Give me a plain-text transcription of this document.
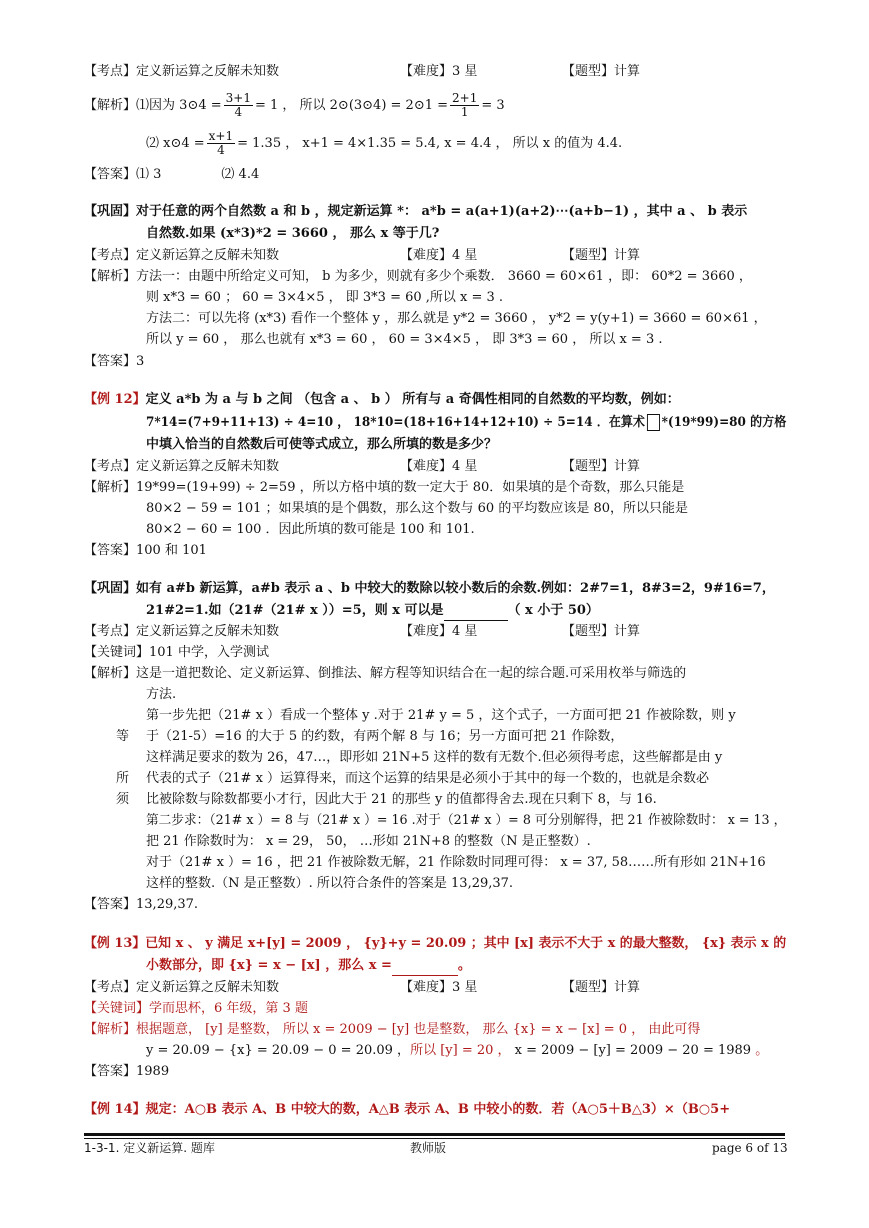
【考点】定义新运算之反解未知数	【难度】3 星	【题型】计算
【解析】⑴因为 3⊙4 = $\frac{3+1}{4} = 1$ ， 所以 2⊙(3⊙4) = 2⊙1 = $\frac{2+1}{1} = 3$
⑵ x⊙4 = $\frac{x+1}{4} = 1.35$ ， x+1 = 4×1.35 = 5.4, x = 4.4 ， 所以 x 的值为 4.4.
【答案】⑴ 3	⑵ 4.4
【巩固】对于任意的两个自然数 a 和 b ，规定新运算 *： a*b = a(a+1)(a+2)⋯(a+b−1) ，其中 a 、 b 表示
自然数.如果 (x*3)*2 = 3660 ， 那么 x 等于几?
【考点】定义新运算之反解未知数	【难度】4 星	【题型】计算
【解析】方法一：由题中所给定义可知， b 为多少，则就有多少个乘数． 3660 = 60×61 ，即： 60*2 = 3660 ，
则 x*3 = 60 ； 60 = 3×4×5 ， 即 3*3 = 60 ,所以 x = 3 .
方法二：可以先将 (x*3) 看作一个整体 y ，那么就是 y*2 = 3660 ， y*2 = y(y+1) = 3660 = 60×61 ，
所以 y = 60 ， 那么也就有 x*3 = 60 ， 60 = 3×4×5 ， 即 3*3 = 60 ， 所以 x = 3 .
【答案】3
【例 12】定义 a*b 为 a 与 b 之间 （包含 a 、 b ） 所有与 a 奇偶性相同的自然数的平均数，例如：
7*14=(7+9+11+13) ÷ 4=10 ， 18*10=(18+16+14+12+10) ÷ 5=14 ．在算术 *(19*99)=80 的方格
中填入恰当的自然数后可使等式成立，那么所填的数是多少？
【考点】定义新运算之反解未知数	【难度】4 星	【题型】计算
【解析】19*99=(19+99) ÷ 2=59 ，所以方格中填的数一定大于 80．如果填的是个奇数，那么只能是
80×2 − 59 = 101 ；如果填的是个偶数，那么这个数与 60 的平均数应该是 80，所以只能是
80×2 − 60 = 100 ．因此所填的数可能是 100 和 101.
【答案】100 和 101
【巩固】如有 a#b 新运算，a#b 表示 a 、b 中较大的数除以较小数后的余数.例如：2#7=1，8#3=2，9#16=7，
21#2=1.如（21#（21# x ））=5，则 x 可以是	（ x 小于 50）
【考点】定义新运算之反解未知数	【难度】4 星	【题型】计算
【关键词】101 中学，入学测试
【解析】这是一道把数论、定义新运算、倒推法、解方程等知识结合在一起的综合题.可采用枚举与筛选的
方法.
第一步先把（21# x ）看成一个整体 y .对于 21# y = 5 ，这个式子，一方面可把 21 作被除数，则 y
等 于（21-5）=16 的大于 5 的约数，有两个解 8 与 16；另一方面可把 21 作除数，
这样满足要求的数为 26，47…，即形如 21N+5 这样的数有无数个.但必须得考虑，这些解都是由 y
所 代表的式子（21# x ）运算得来，而这个运算的结果是必须小于其中的每一个数的，也就是余数必
须 比被除数与除数都要小才行，因此大于 21 的那些 y 的值都得舍去.现在只剩下 8，与 16.
第二步求：（21# x ）= 8 与（21# x ）= 16 .对于（21# x ）= 8 可分别解得，把 21 作被除数时： x = 13 ，
把 21 作除数时为： x = 29， 50， …形如 21N+8 的整数（N 是正整数）.
对于（21# x ）= 16 ，把 21 作被除数无解，21 作除数时同理可得： x = 37, 58……所有形如 21N+16
这样的整数.（N 是正整数）. 所以符合条件的答案是 13,29,37.
【答案】13,29,37.
【例 13】已知 x 、 y 满足 x+[y] = 2009 ， {y}+y = 20.09 ；其中 [x] 表示不大于 x 的最大整数， {x} 表示 x 的
小数部分，即 {x} = x − [x] ，那么 x =	。
【考点】定义新运算之反解未知数	【难度】3 星	【题型】计算
【关键词】学而思杯，6 年级，第 3 题
【解析】根据题意， [y] 是整数， 所以 x = 2009 − [y] 也是整数， 那么 {x} = x − [x] = 0 ， 由此可得
y = 20.09 − {x} = 20.09 − 0 = 20.09 ，所以 [y] = 20 ， x = 2009 − [y] = 2009 − 20 = 1989 。
【答案】1989
【例 14】规定：A○B 表示 A、B 中较大的数，A△B 表示 A、B 中较小的数．若（A○5＋B△3）×（B○5+
1-3-1. 定义新运算. 题库	教师版	page 6 of 13
